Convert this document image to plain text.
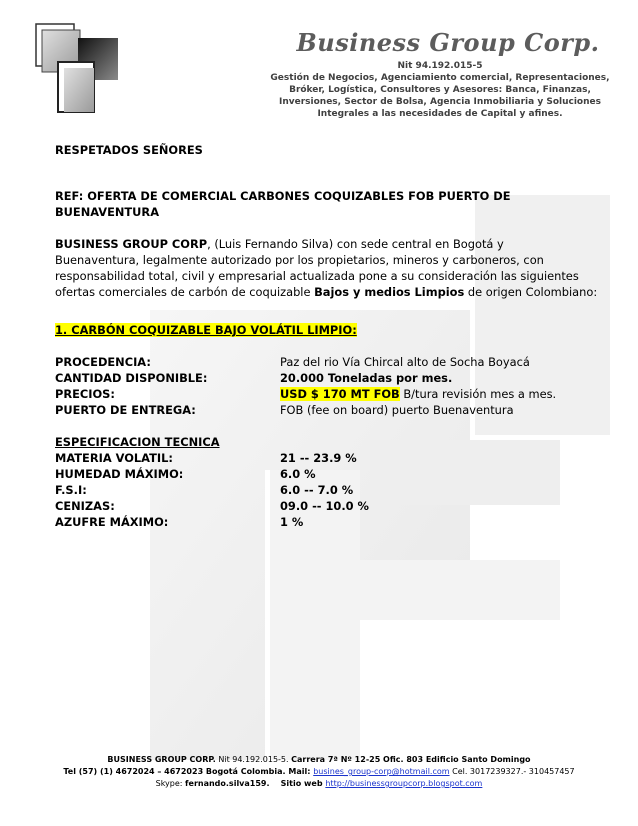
Business Group Corp.
Nit 94.192.015-5
Gestión de Negocios, Agenciamiento comercial, Representaciones,
Bróker, Logística, Consultores y Asesores: Banca, Finanzas,
Inversiones, Sector de Bolsa, Agencia Inmobiliaria y Soluciones
Integrales a las necesidades de Capital y afines.
RESPETADOS SEÑORES
REF: OFERTA DE COMERCIAL CARBONES COQUIZABLES FOB PUERTO DE
BUENAVENTURA
BUSINESS GROUP CORP, (Luis Fernando Silva) con sede central en Bogotá y
Buenaventura, legalmente autorizado por los propietarios, mineros y carboneros, con
responsabilidad total, civil y empresarial actualizada pone a su consideración las siguientes
ofertas comerciales de carbón de coquizable Bajos y medios Limpios de origen Colombiano:
1. CARBÓN COQUIZABLE BAJO VOLÁTIL LIMPIO:
PROCEDENCIA:	Paz del rio Vía Chircal alto de Socha Boyacá
CANTIDAD DISPONIBLE:	20.000 Toneladas por mes.
PRECIOS:	USD $ 170 MT FOB B/tura revisión mes a mes.
PUERTO DE ENTREGA:	FOB (fee on board) puerto Buenaventura
ESPECIFICACION TECNICA
MATERIA VOLATIL:	21 -- 23.9 %
HUMEDAD MÁXIMO:	6.0 %
F.S.I:	6.0 -- 7.0 %
CENIZAS:	09.0 -- 10.0 %
AZUFRE MÁXIMO:	1 %
BUSINESS GROUP CORP. Nit 94.192.015-5. Carrera 7ª Nº 12-25 Ofic. 803 Edificio Santo Domingo
Tel (57) (1) 4672024 – 4672023 Bogotá Colombia. Mail: busines_group-corp@hotmail.com Cel. 3017239327.- 310457457
Skype: fernando.silva159.    Sitio web http://businessgroupcorp.blogspot.com
